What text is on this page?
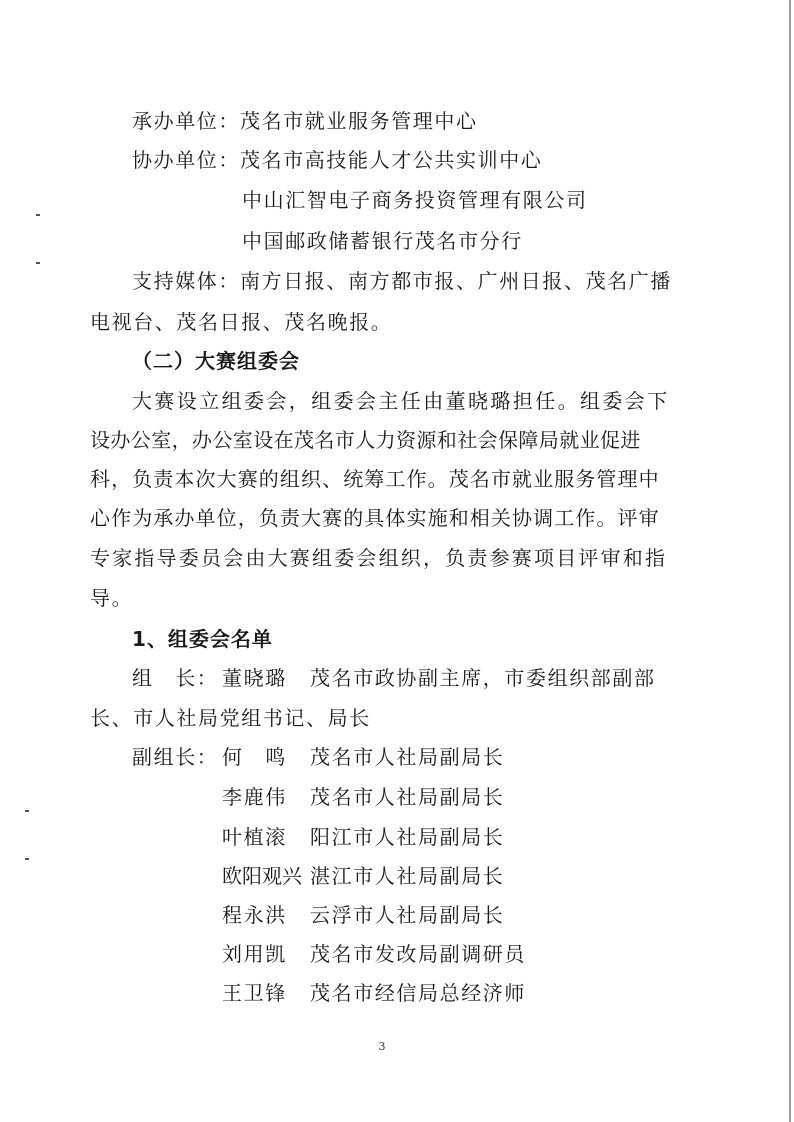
承办单位：茂名市就业服务管理中心
协办单位：茂名市高技能人才公共实训中心
中山汇智电子商务投资管理有限公司
中国邮政储蓄银行茂名市分行
支持媒体：南方日报、南方都市报、广州日报、茂名广播
电视台、茂名日报、茂名晚报。
（二）大赛组委会
大赛设立组委会，组委会主任由董晓璐担任。组委会下
设办公室，办公室设在茂名市人力资源和社会保障局就业促进
科，负责本次大赛的组织、统筹工作。茂名市就业服务管理中
心作为承办单位，负责大赛的具体实施和相关协调工作。评审
专家指导委员会由大赛组委会组织，负责参赛项目评审和指
导。
1、组委会名单
组　长： 董晓璐 茂名市政协副主席，市委组织部副部
长、市人社局党组书记、局长
副组长： 何　鸣 茂名市人社局副局长
李鹿伟 茂名市人社局副局长
叶植滚 阳江市人社局副局长
欧阳观兴 湛江市人社局副局长
程永洪 云浮市人社局副局长
刘用凯 茂名市发改局副调研员
王卫锋 茂名市经信局总经济师
3
